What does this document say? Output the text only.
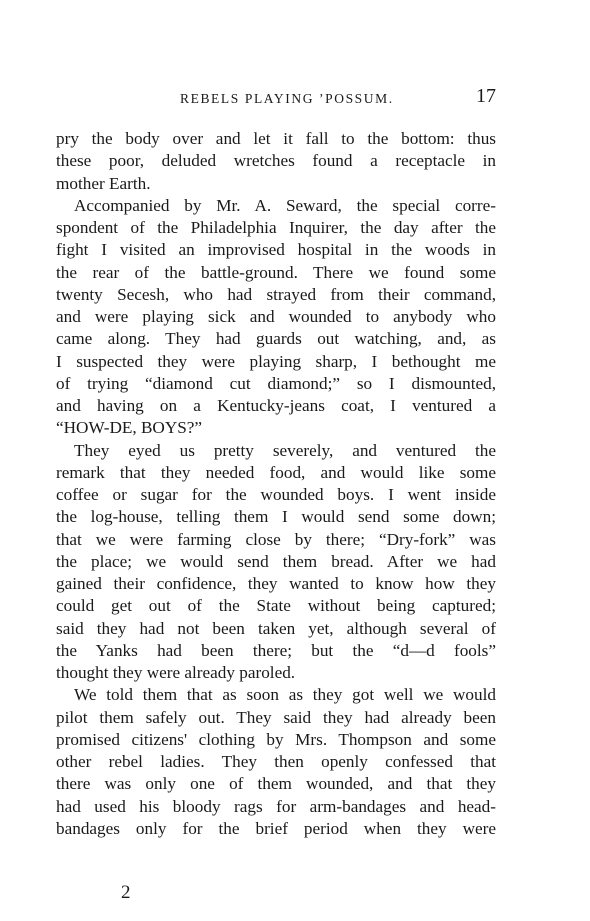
REBELS PLAYING ’POSSUM.	17
pry the body over and let it fall to the bottom: thus
these poor, deluded wretches found a receptacle in
mother Earth.
Accompanied by Mr. A. Seward, the special corre-
spondent of the Philadelphia Inquirer, the day after the
fight I visited an improvised hospital in the woods in
the rear of the battle-ground. There we found some
twenty Secesh, who had strayed from their command,
and were playing sick and wounded to anybody who
came along. They had guards out watching, and, as
I suspected they were playing sharp, I bethought me
of trying “diamond cut diamond;” so I dismounted,
and having on a Kentucky-jeans coat, I ventured a
“HOW-DE, BOYS?”
They eyed us pretty severely, and ventured the
remark that they needed food, and would like some
coffee or sugar for the wounded boys. I went inside
the log-house, telling them I would send some down;
that we were farming close by there; “Dry-fork” was
the place; we would send them bread. After we had
gained their confidence, they wanted to know how they
could get out of the State without being captured;
said they had not been taken yet, although several of
the Yanks had been there; but the “d—d fools”
thought they were already paroled.
We told them that as soon as they got well we would
pilot them safely out. They said they had already been
promised citizens' clothing by Mrs. Thompson and some
other rebel ladies. They then openly confessed that
there was only one of them wounded, and that they
had used his bloody rags for arm-bandages and head-
bandages only for the brief period when they were
2
